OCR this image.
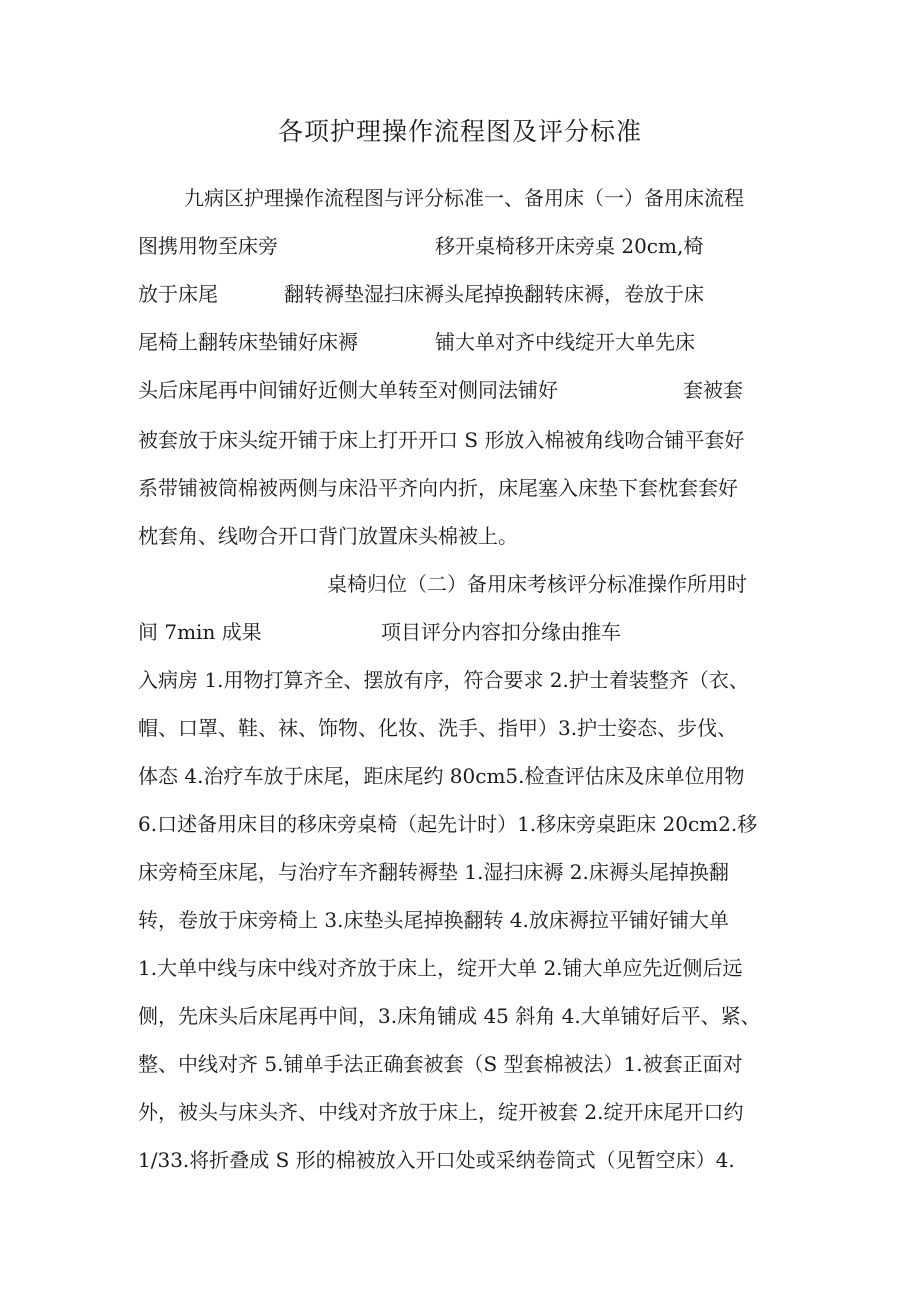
各项护理操作流程图及评分标准
九病区护理操作流程图与评分标准一、备用床（一）备用床流程
图携用物至床旁	移开桌椅移开床旁桌 20cm,椅
放于床尾	翻转褥垫湿扫床褥头尾掉换翻转床褥，卷放于床
尾椅上翻转床垫铺好床褥	铺大单对齐中线绽开大单先床
头后床尾再中间铺好近侧大单转至对侧同法铺好	套被套
被套放于床头绽开铺于床上打开开口 S 形放入棉被角线吻合铺平套好
系带铺被筒棉被两侧与床沿平齐向内折，床尾塞入床垫下套枕套套好
枕套角、线吻合开口背门放置床头棉被上。
桌椅归位（二）备用床考核评分标准操作所用时
间 7min 成果	项目评分内容扣分缘由推车
入病房 1.用物打算齐全、摆放有序，符合要求 2.护士着装整齐（衣、
帽、口罩、鞋、袜、饰物、化妆、洗手、指甲）3.护士姿态、步伐、
体态 4.治疗车放于床尾，距床尾约 80cm5.检查评估床及床单位用物
6.口述备用床目的移床旁桌椅（起先计时）1.移床旁桌距床 20cm2.移
床旁椅至床尾，与治疗车齐翻转褥垫 1.湿扫床褥 2.床褥头尾掉换翻
转，卷放于床旁椅上 3.床垫头尾掉换翻转 4.放床褥拉平铺好铺大单
1.大单中线与床中线对齐放于床上，绽开大单 2.铺大单应先近侧后远
侧，先床头后床尾再中间，3.床角铺成 45 斜角 4.大单铺好后平、紧、
整、中线对齐 5.铺单手法正确套被套（S 型套棉被法）1.被套正面对
外，被头与床头齐、中线对齐放于床上，绽开被套 2.绽开床尾开口约
1/33.将折叠成 S 形的棉被放入开口处或采纳卷筒式（见暂空床）4.
